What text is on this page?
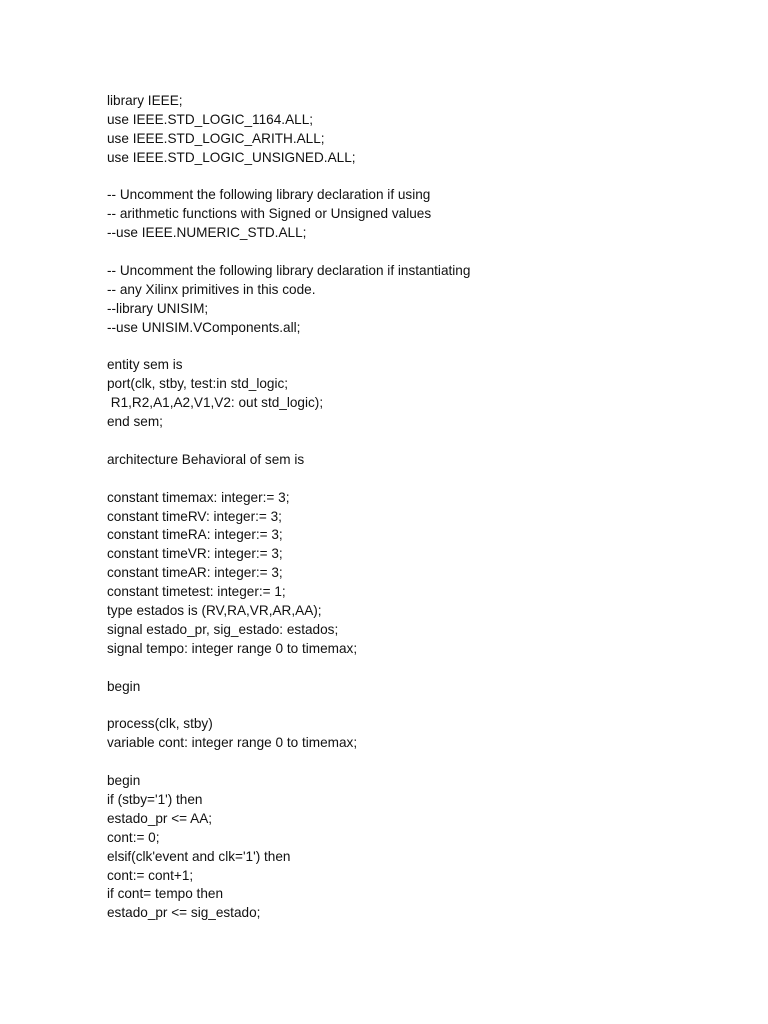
library IEEE;
use IEEE.STD_LOGIC_1164.ALL;
use IEEE.STD_LOGIC_ARITH.ALL;
use IEEE.STD_LOGIC_UNSIGNED.ALL;
-- Uncomment the following library declaration if using
-- arithmetic functions with Signed or Unsigned values
--use IEEE.NUMERIC_STD.ALL;
-- Uncomment the following library declaration if instantiating
-- any Xilinx primitives in this code.
--library UNISIM;
--use UNISIM.VComponents.all;
entity sem is
port(clk, stby, test:in std_logic;
R1,R2,A1,A2,V1,V2: out std_logic);
end sem;
architecture Behavioral of sem is
constant timemax: integer:= 3;
constant timeRV: integer:= 3;
constant timeRA: integer:= 3;
constant timeVR: integer:= 3;
constant timeAR: integer:= 3;
constant timetest: integer:= 1;
type estados is (RV,RA,VR,AR,AA);
signal estado_pr, sig_estado: estados;
signal tempo: integer range 0 to timemax;
begin
process(clk, stby)
variable cont: integer range 0 to timemax;
begin
if (stby='1') then
estado_pr <= AA;
cont:= 0;
elsif(clk'event and clk='1') then
cont:= cont+1;
if cont= tempo then
estado_pr <= sig_estado;
